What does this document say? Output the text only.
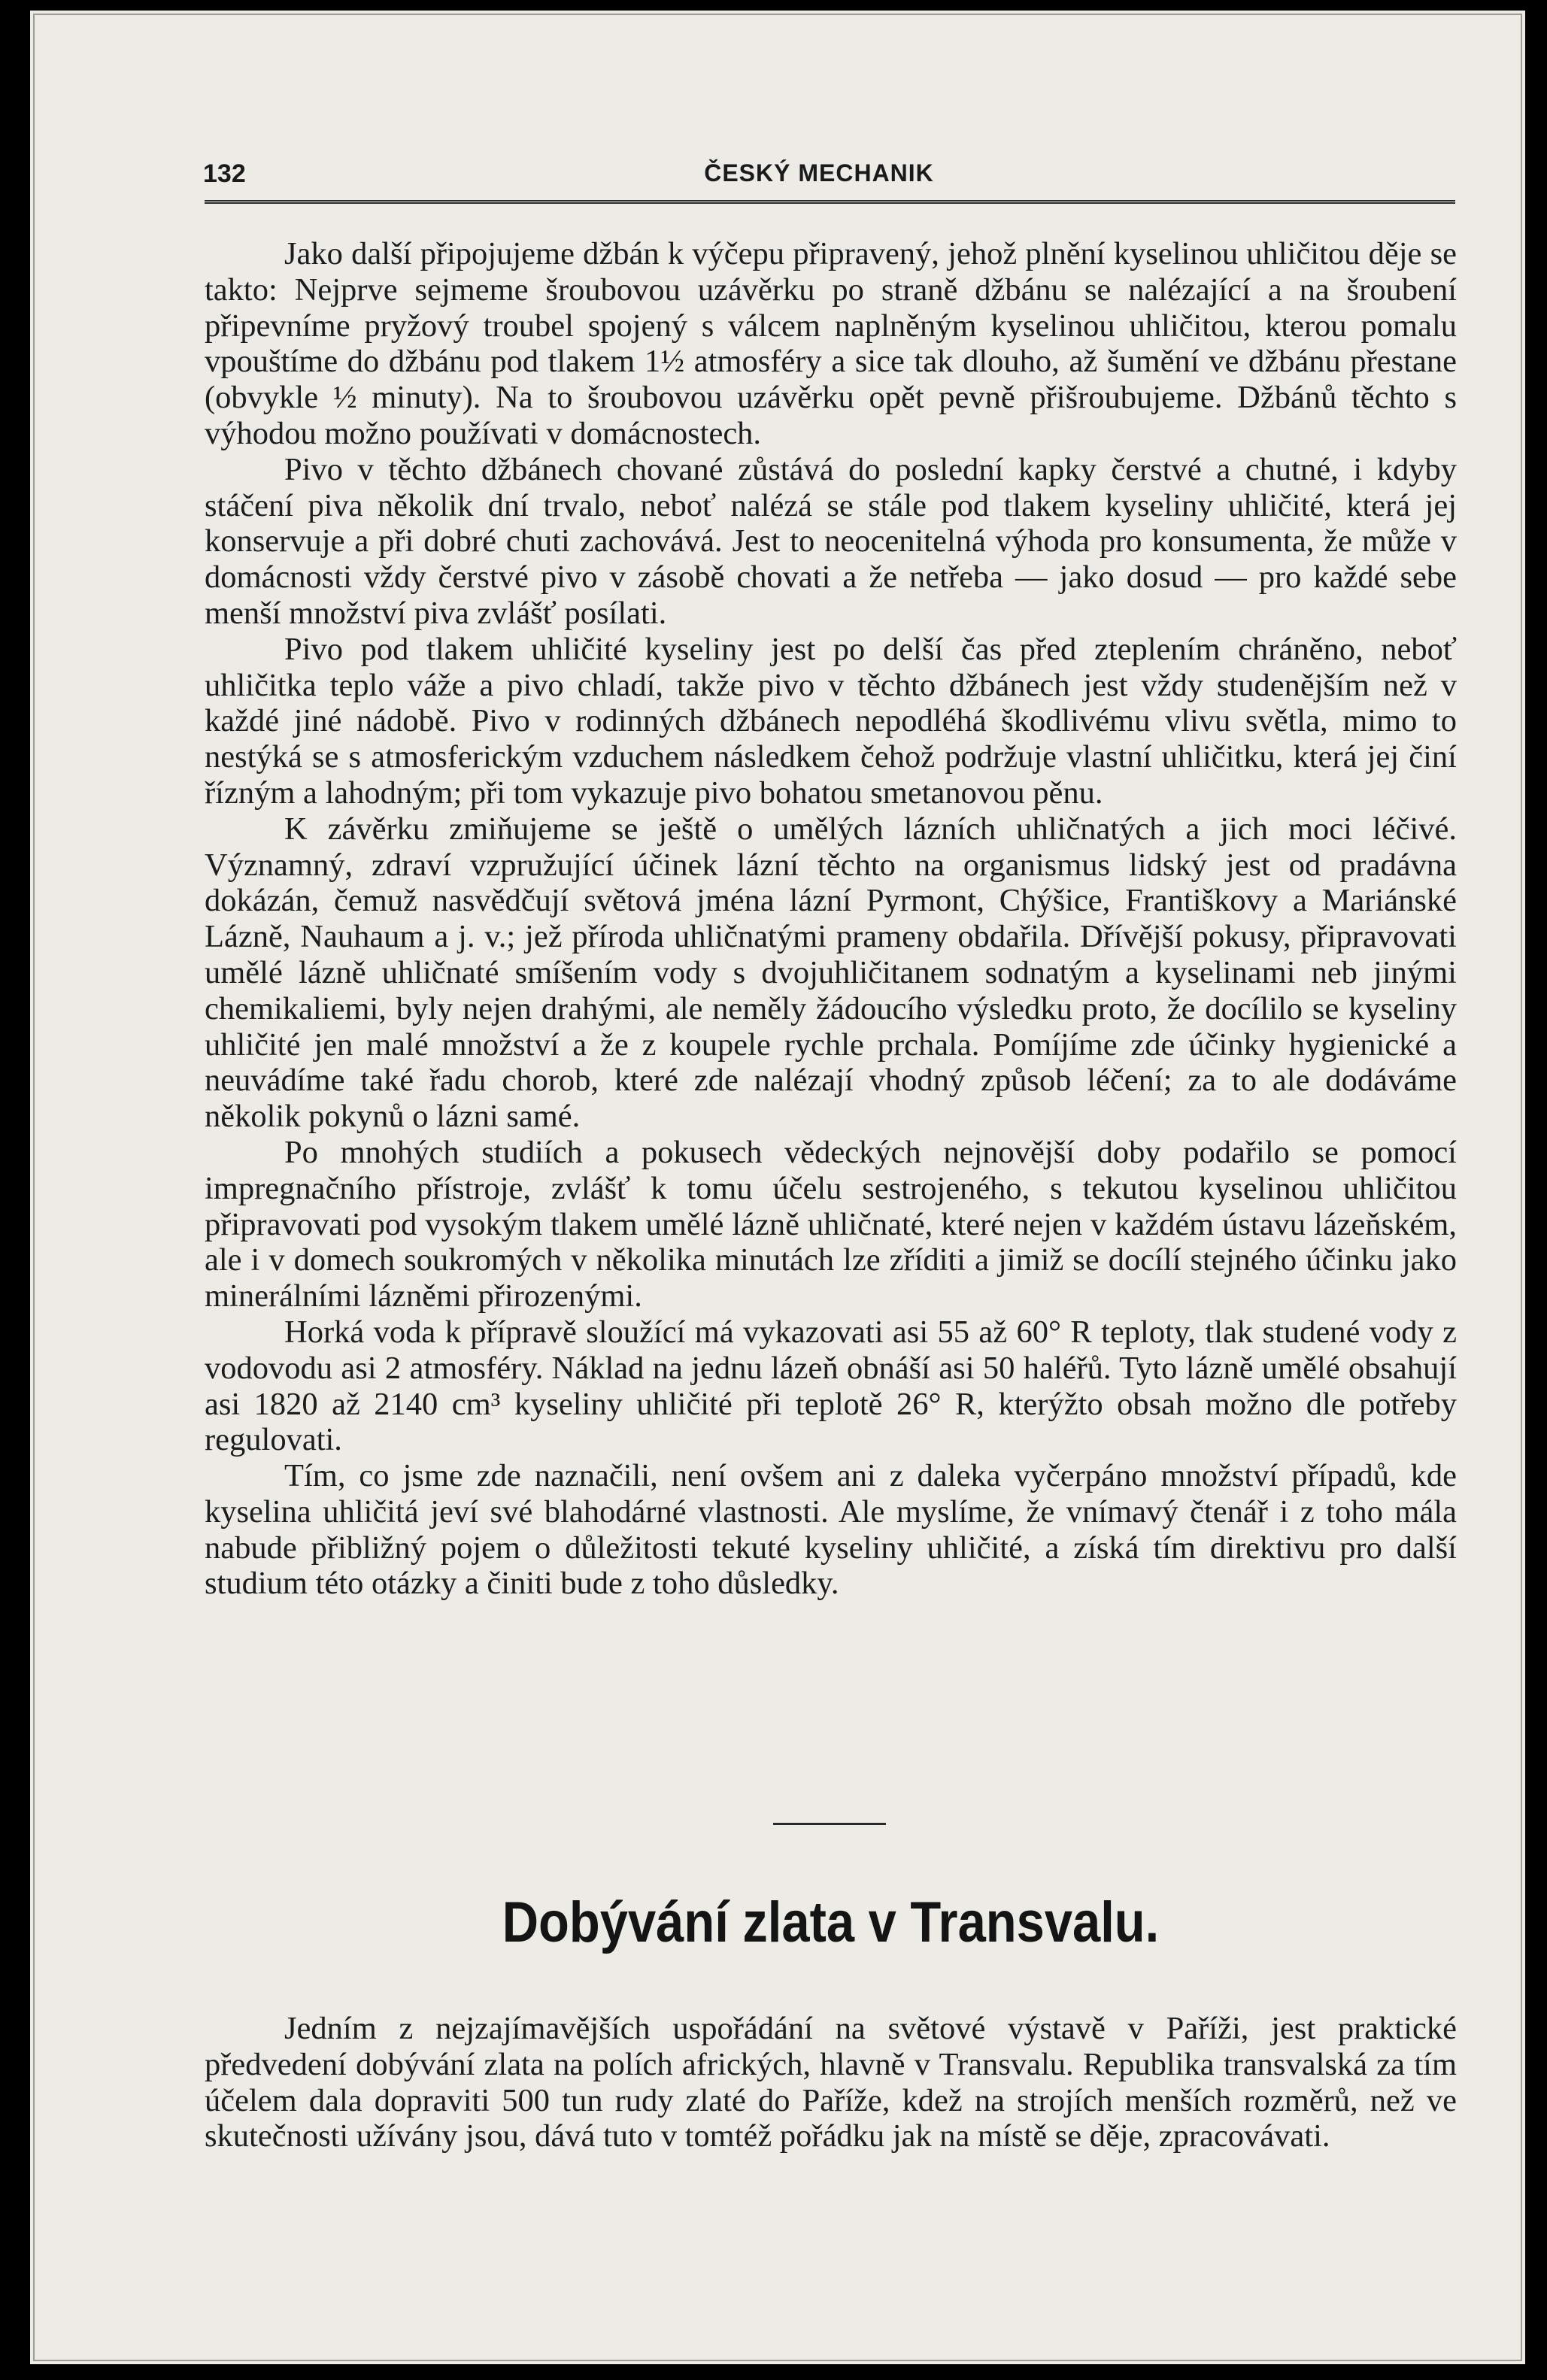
132	ČESKÝ MECHANIK

Jako další připojujeme džbán k výčepu připravený, jehož plnění kyselinou uhličitou děje se takto: Nejprve sejmeme šroubovou uzávěrku po straně džbánu se nalézající a na šroubení připevníme pryžový troubel spojený s válcem naplněným kyselinou uhličitou, kterou pomalu vpouštíme do džbánu pod tlakem 1½ atmosféry a sice tak dlouho, až šumění ve džbánu přestane (obvykle ½ minuty). Na to šroubovou uzávěrku opět pevně přišroubujeme. Džbánů těchto s výhodou možno používati v domácnostech.

Pivo v těchto džbánech chované zůstává do poslední kapky čerstvé a chutné, i kdyby stáčení piva několik dní trvalo, neboť nalézá se stále pod tlakem kyseliny uhličité, která jej konservuje a při dobré chuti zachovává. Jest to neocenitelná výhoda pro konsumenta, že může v domácnosti vždy čerstvé pivo v zásobě chovati a že netřeba — jako dosud — pro každé sebe menší množství piva zvlášť posílati.

Pivo pod tlakem uhličité kyseliny jest po delší čas před zteplením chráněno, neboť uhličitka teplo váže a pivo chladí, takže pivo v těchto džbánech jest vždy studenějším než v každé jiné nádobě. Pivo v rodinných džbánech nepodléhá škodlivému vlivu světla, mimo to nestýká se s atmosferickým vzduchem následkem čehož podržuje vlastní uhličitku, která jej činí řízným a lahodným; při tom vykazuje pivo bohatou smetanovou pěnu.

K závěrku zmiňujeme se ještě o umělých lázních uhličnatých a jich moci léčivé. Významný, zdraví vzpružující účinek lázní těchto na organismus lidský jest od pradávna dokázán, čemuž nasvědčují světová jména lázní Pyrmont, Chýšice, Františkovy a Mariánské Lázně, Nauhaum a j. v.; jež příroda uhličnatými prameny obdařila. Dřívější pokusy, připravovati umělé lázně uhličnaté smíšením vody s dvojuhličitanem sodnatým a kyselinami neb jinými chemikaliemi, byly nejen drahými, ale neměly žádoucího výsledku proto, že docílilo se kyseliny uhličité jen malé množství a že z koupele rychle prchala. Pomíjíme zde účinky hygienické a neuvádíme také řadu chorob, které zde nalézají vhodný způsob léčení; za to ale dodáváme několik pokynů o lázni samé.

Po mnohých studiích a pokusech vědeckých nejnovější doby podařilo se pomocí impregnačního přístroje, zvlášť k tomu účelu sestrojeného, s tekutou kyselinou uhličitou připravovati pod vysokým tlakem umělé lázně uhličnaté, které nejen v každém ústavu lázeňském, ale i v domech soukromých v několika minutách lze zříditi a jimiž se docílí stejného účinku jako minerálními lázněmi přirozenými.

Horká voda k přípravě sloužící má vykazovati asi 55 až 60° R teploty, tlak studené vody z vodovodu asi 2 atmosféry. Náklad na jednu lázeň obnáší asi 50 haléřů. Tyto lázně umělé obsahují asi 1820 až 2140 cm³ kyseliny uhličité při teplotě 26° R, kterýžto obsah možno dle potřeby regulovati.

Tím, co jsme zde naznačili, není ovšem ani z daleka vyčerpáno množství případů, kde kyselina uhličitá jeví své blahodárné vlastnosti. Ale myslíme, že vnímavý čtenář i z toho mála nabude přibližný pojem o důležitosti tekuté kyseliny uhličité, a získá tím direktivu pro další studium této otázky a činiti bude z toho důsledky.

Dobývání zlata v Transvalu.

Jedním z nejzajímavějších uspořádání na světové výstavě v Paříži, jest praktické předvedení dobývání zlata na polích afrických, hlavně v Transvalu. Republika transvalská za tím účelem dala dopraviti 500 tun rudy zlaté do Paříže, kdež na strojích menších rozměrů, než ve skutečnosti užívány jsou, dává tuto v tomtéž pořádku jak na místě se děje, zpracovávati.
